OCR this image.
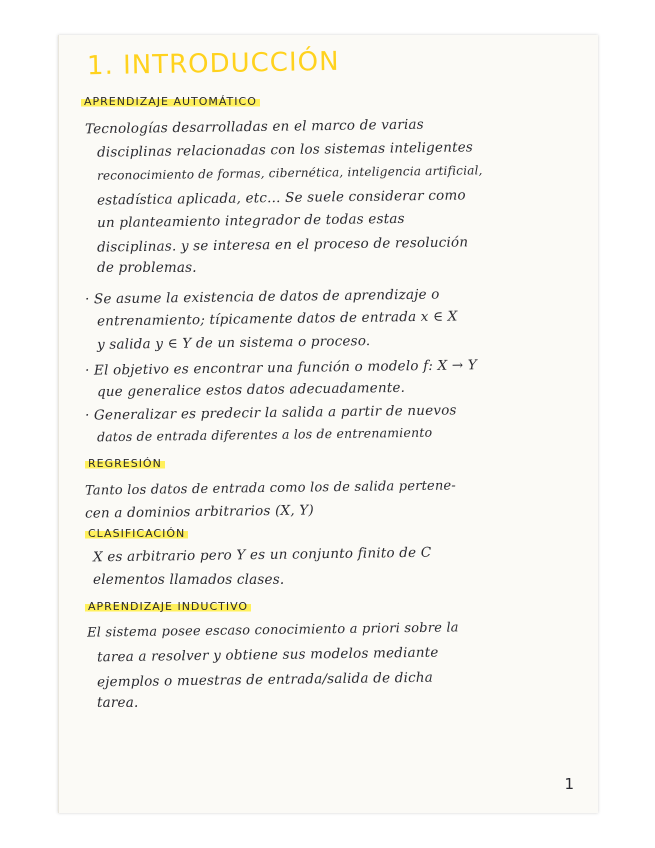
1. INTRODUCCIÓN
APRENDIZAJE AUTOMÁTICO
Tecnologías desarrolladas en el marco de varias
disciplinas relacionadas con los sistemas inteligentes
reconocimiento de formas, cibernética, inteligencia artificial,
estadística aplicada, etc... Se suele considerar como
un planteamiento integrador de todas estas
disciplinas. y se interesa en el proceso de resolución
de problemas.
· Se asume la existencia de datos de aprendizaje o
entrenamiento; típicamente datos de entrada x ∈ X
y salida y ∈ Y de un sistema o proceso.
· El objetivo es encontrar una función o modelo f: X → Y
que generalice estos datos adecuadamente.
· Generalizar es predecir la salida a partir de nuevos
datos de entrada diferentes a los de entrenamiento
REGRESIÓN
Tanto los datos de entrada como los de salida pertene-
cen a dominios arbitrarios (X, Y)
CLASIFICACIÓN
X es arbitrario pero Y es un conjunto finito de C
elementos llamados clases.
APRENDIZAJE INDUCTIVO
El sistema posee escaso conocimiento a priori sobre la
tarea a resolver y obtiene sus modelos mediante
ejemplos o muestras de entrada/salida de dicha
tarea.
1
